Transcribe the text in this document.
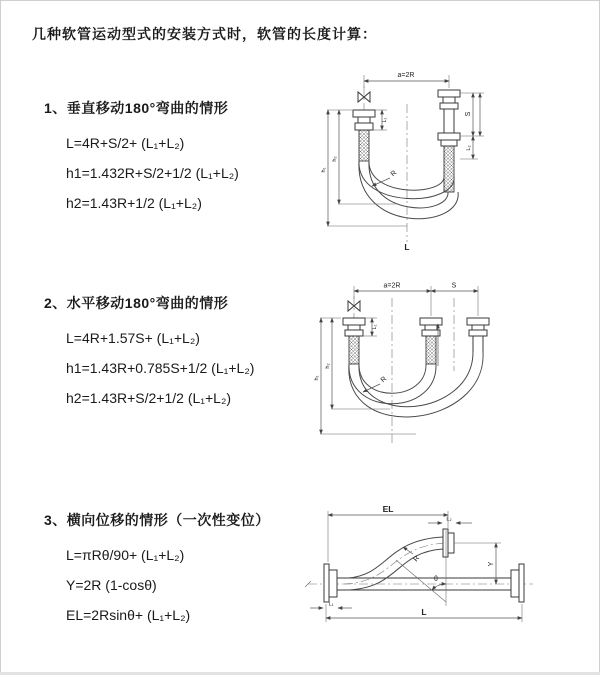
几种软管运动型式的安装方式时，软管的长度计算：
1、垂直移动180°弯曲的情形
L=4R+S/2+ (L₁+L₂)
h1=1.432R+S/2+1/2 (L₁+L₂)
h2=1.43R+1/2 (L₁+L₂)
a=2R
h₁
h₂
L₁
S
L₂
R
L
2、水平移动180°弯曲的情形
L=4R+1.57S+ (L₁+L₂)
h1=1.43R+0.785S+1/2 (L₁+L₂)
h2=1.43R+S/2+1/2 (L₁+L₂)
a=2R	S
h₁
h₂
L₁
R
3、横向位移的情形（一次性变位）
L=πRθ/90+ (L₁+L₂)
Y=2R (1-cosθ)
EL=2Rsinθ+ (L₁+L₂)
EL
L₂
Y
R
θ
L₁
L
